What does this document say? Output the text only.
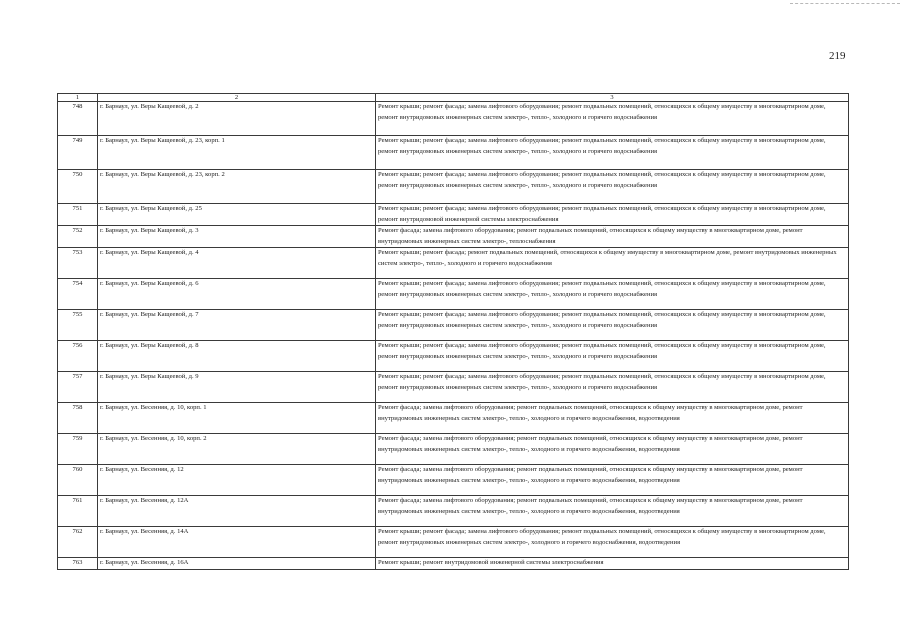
219
1	2	3
748	г. Барнаул, ул. Веры Кащеевой, д. 2	Ремонт крыши; ремонт фасада; замена лифтового оборудования; ремонт подвальных помещений, относящихся к общему имуществу в многоквартирном доме, ремонт внутридомовых инженерных систем электро-, тепло-, холодного и горячего водоснабжения
749	г. Барнаул, ул. Веры Кащеевой, д. 23, корп. 1	Ремонт крыши; ремонт фасада; замена лифтового оборудования; ремонт подвальных помещений, относящихся к общему имуществу в многоквартирном доме, ремонт внутридомовых инженерных систем электро-, тепло-, холодного и горячего водоснабжения
750	г. Барнаул, ул. Веры Кащеевой, д. 23, корп. 2	Ремонт крыши; ремонт фасада; замена лифтового оборудования; ремонт подвальных помещений, относящихся к общему имуществу в многоквартирном доме, ремонт внутридомовых инженерных систем электро-, тепло-, холодного и горячего водоснабжения
751	г. Барнаул, ул. Веры Кащеевой, д. 25	Ремонт крыши; ремонт фасада; замена лифтового оборудования; ремонт подвальных помещений, относящихся к общему имуществу в многоквартирном доме, ремонт внутридомовой инженерной системы электроснабжения
752	г. Барнаул, ул. Веры Кащеевой, д. 3	Ремонт фасада; замена лифтового оборудования; ремонт подвальных помещений, относящихся к общему имуществу в многоквартирном доме, ремонт внутридомовых инженерных систем электро-, теплоснабжения
753	г. Барнаул, ул. Веры Кащеевой, д. 4	Ремонт крыши; ремонт фасада; ремонт подвальных помещений, относящихся к общему имуществу в многоквартирном доме, ремонт внутридомовых инженерных систем электро-, тепло-, холодного и горячего водоснабжения
754	г. Барнаул, ул. Веры Кащеевой, д. 6	Ремонт крыши; ремонт фасада; замена лифтового оборудования; ремонт подвальных помещений, относящихся к общему имуществу в многоквартирном доме, ремонт внутридомовых инженерных систем электро-, тепло-, холодного и горячего водоснабжения
755	г. Барнаул, ул. Веры Кащеевой, д. 7	Ремонт крыши; ремонт фасада; замена лифтового оборудования; ремонт подвальных помещений, относящихся к общему имуществу в многоквартирном доме, ремонт внутридомовых инженерных систем электро-, тепло-, холодного и горячего водоснабжения
756	г. Барнаул, ул. Веры Кащеевой, д. 8	Ремонт крыши; ремонт фасада; замена лифтового оборудования; ремонт подвальных помещений, относящихся к общему имуществу в многоквартирном доме, ремонт внутридомовых инженерных систем электро-, тепло-, холодного и горячего водоснабжения
757	г. Барнаул, ул. Веры Кащеевой, д. 9	Ремонт крыши; ремонт фасада; замена лифтового оборудования; ремонт подвальных помещений, относящихся к общему имуществу в многоквартирном доме, ремонт внутридомовых инженерных систем электро-, тепло-, холодного и горячего водоснабжения
758	г. Барнаул, ул. Весенняя, д. 10, корп. 1	Ремонт фасада; замена лифтового оборудования; ремонт подвальных помещений, относящихся к общему имуществу в многоквартирном доме, ремонт внутридомовых инженерных систем электро-, тепло-, холодного и горячего водоснабжения, водоотведения
759	г. Барнаул, ул. Весенняя, д. 10, корп. 2	Ремонт фасада; замена лифтового оборудования; ремонт подвальных помещений, относящихся к общему имуществу в многоквартирном доме, ремонт внутридомовых инженерных систем электро-, тепло-, холодного и горячего водоснабжения, водоотведения
760	г. Барнаул, ул. Весенняя, д. 12	Ремонт фасада; замена лифтового оборудования; ремонт подвальных помещений, относящихся к общему имуществу в многоквартирном доме, ремонт внутридомовых инженерных систем электро-, тепло-, холодного и горячего водоснабжения, водоотведения
761	г. Барнаул, ул. Весенняя, д. 12А	Ремонт фасада; замена лифтового оборудования; ремонт подвальных помещений, относящихся к общему имуществу в многоквартирном доме, ремонт внутридомовых инженерных систем электро-, тепло-, холодного и горячего водоснабжения, водоотведения
762	г. Барнаул, ул. Весенняя, д. 14А	Ремонт крыши; ремонт фасада; замена лифтового оборудования; ремонт подвальных помещений, относящихся к общему имуществу в многоквартирном доме, ремонт внутридомовых инженерных систем электро-, холодного и горячего водоснабжения, водоотведения
763	г. Барнаул, ул. Весенняя, д. 16А	Ремонт крыши; ремонт внутридомовой инженерной системы электроснабжения
